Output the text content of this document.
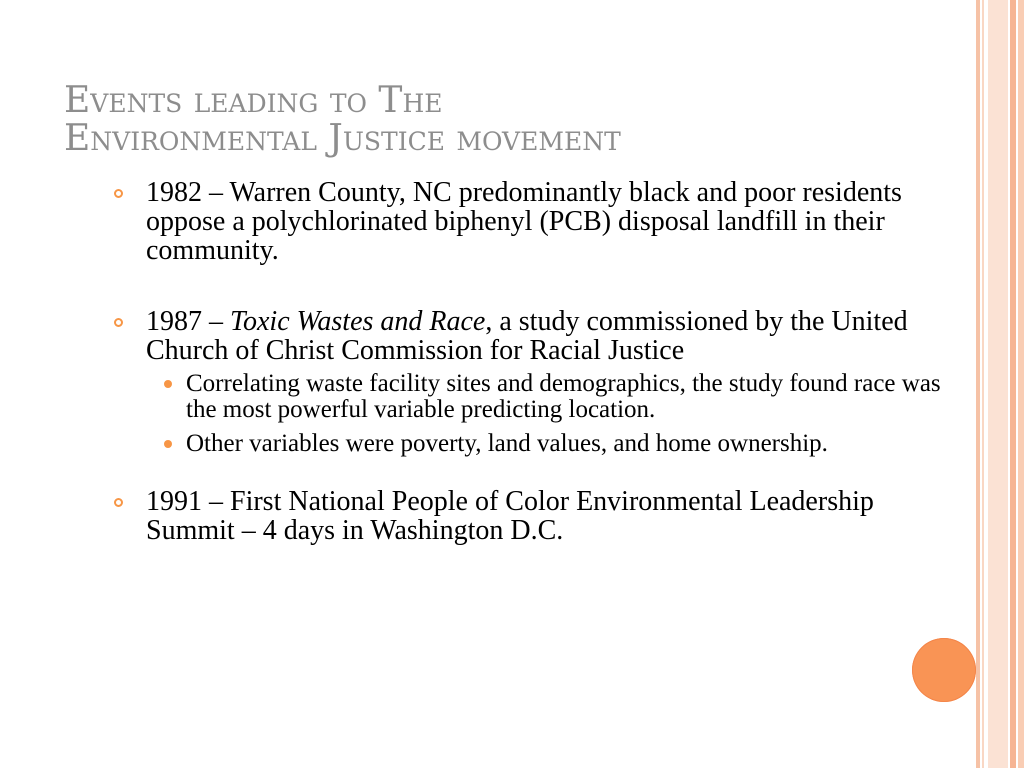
Events leading to The
Environmental Justice movement
1982 – Warren County, NC predominantly black and poor residents oppose a polychlorinated biphenyl (PCB) disposal landfill in their community.
1987 – Toxic Wastes and Race, a study commissioned by the United Church of Christ Commission for Racial Justice
Correlating waste facility sites and demographics, the study found race was the most powerful variable predicting location.
Other variables were poverty, land values, and home ownership.
1991 – First National People of Color Environmental Leadership Summit – 4 days in Washington D.C.
